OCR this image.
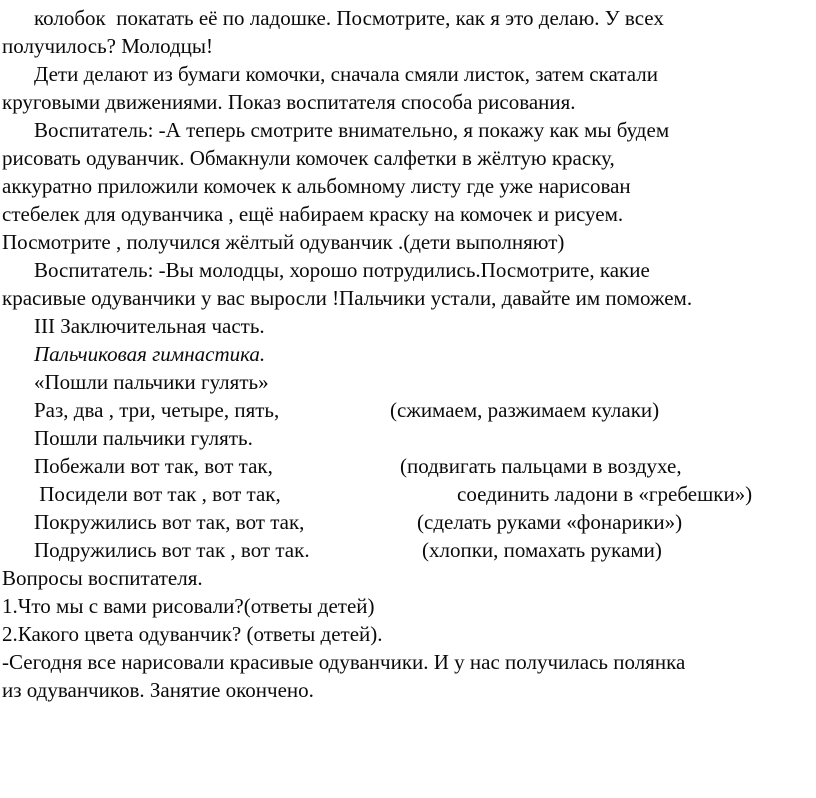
колобок  покатать её по ладошке. Посмотрите, как я это делаю. У всех
получилось? Молодцы!
Дети делают из бумаги комочки, сначала смяли листок, затем скатали
круговыми движениями. Показ воспитателя способа рисования.
Воспитатель: -А теперь смотрите внимательно, я покажу как мы будем
рисовать одуванчик. Обмакнули комочек салфетки в жёлтую краску,
аккуратно приложили комочек к альбомному листу где уже нарисован
стебелек для одуванчика , ещё набираем краску на комочек и рисуем.
Посмотрите , получился жёлтый одуванчик .(дети выполняют)
Воспитатель: -Вы молодцы, хорошо потрудились.Посмотрите, какие
красивые одуванчики у вас выросли !Пальчики устали, давайте им поможем.
III Заключительная часть.
Пальчиковая гимнастика.
«Пошли пальчики гулять»
Раз, два , три, четыре, пять,	(сжимаем, разжимаем кулаки)
Пошли пальчики гулять.
Побежали вот так, вот так,	(подвигать пальцами в воздухе,
Посидели вот так , вот так,	соединить ладони в «гребешки»)
Покружились вот так, вот так,	(сделать руками «фонарики»)
Подружились вот так , вот так.	(хлопки, помахать руками)
Вопросы воспитателя.
1.Что мы с вами рисовали?(ответы детей)
2.Какого цвета одуванчик? (ответы детей).
-Сегодня все нарисовали красивые одуванчики. И у нас получилась полянка
из одуванчиков. Занятие окончено.
